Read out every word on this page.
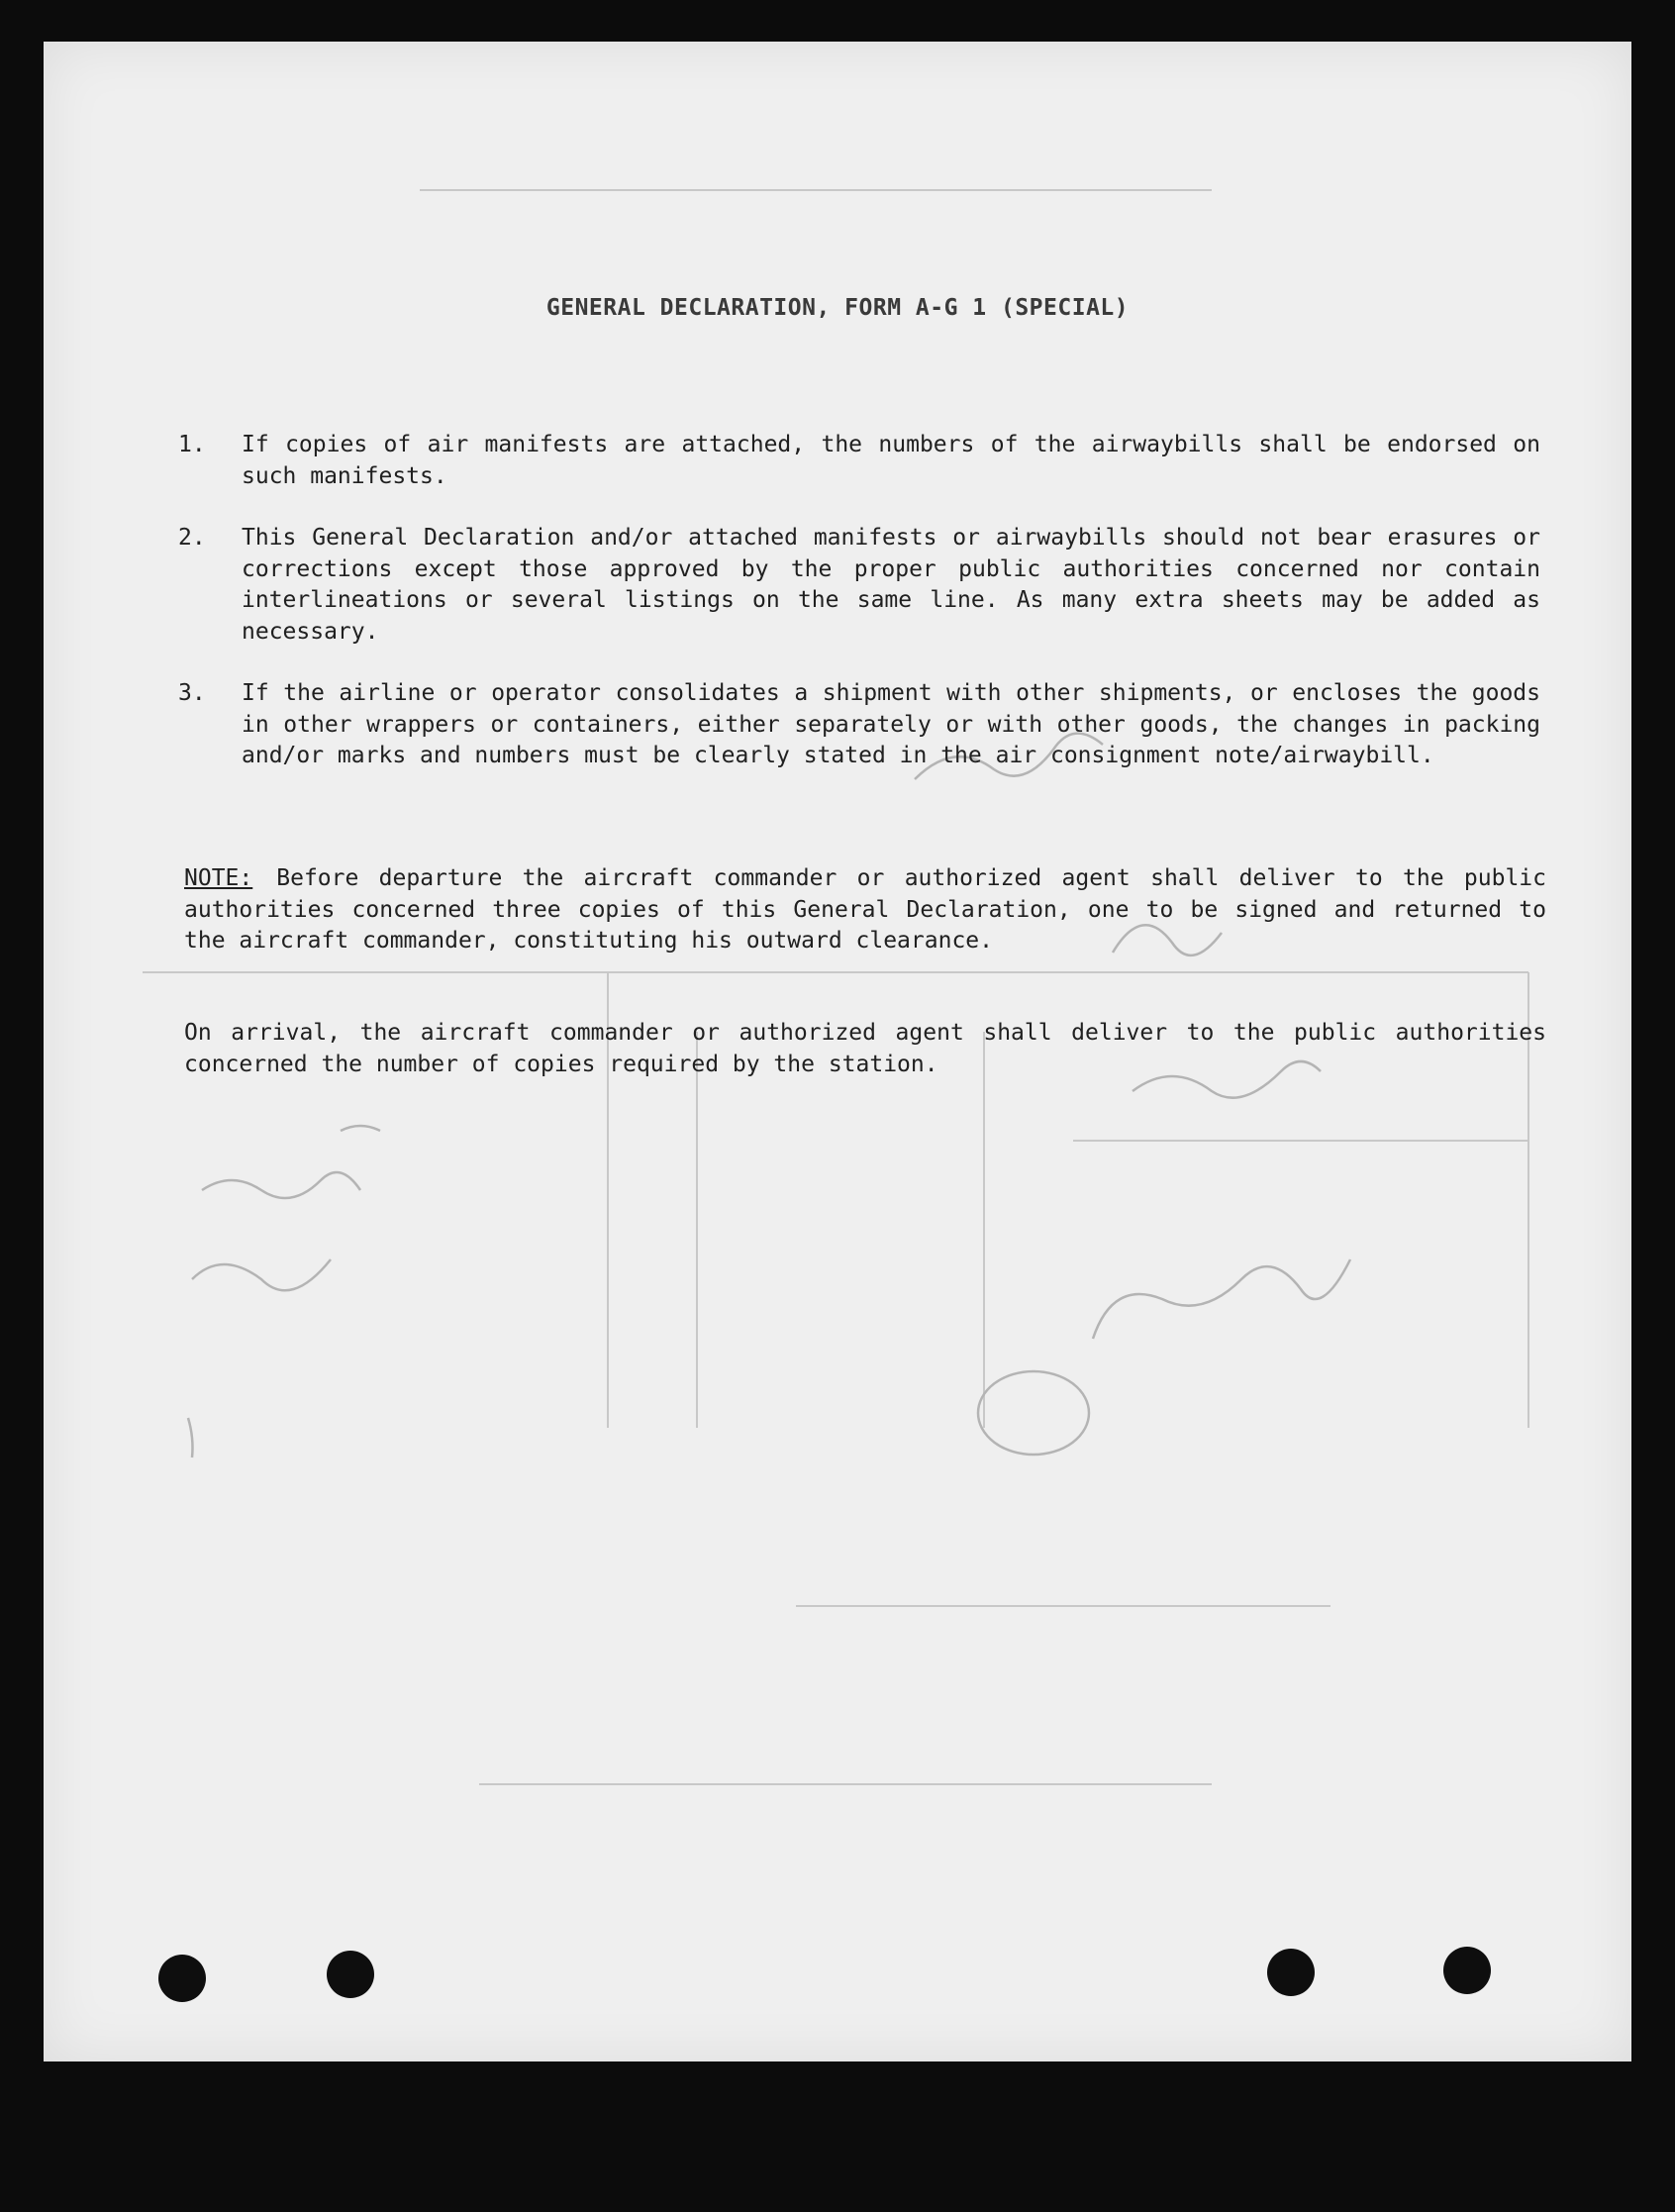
GENERAL DECLARATION, FORM A-G 1 (SPECIAL)
1.	If copies of air manifests are attached, the numbers of the airwaybills shall be endorsed on such manifests.
2.	This General Declaration and/or attached manifests or airwaybills should not bear erasures or corrections except those approved by the proper public authorities concerned nor contain interlineations or several listings on the same line. As many extra sheets may be added as necessary.
3.	If the airline or operator consolidates a shipment with other shipments, or encloses the goods in other wrappers or containers, either separately or with other goods, the changes in packing and/or marks and numbers must be clearly stated in the air consignment note/airwaybill.

NOTE: Before departure the aircraft commander or authorized agent shall deliver to the public authorities concerned three copies of this General Declaration, one to be signed and returned to the aircraft commander, constituting his outward clearance.

On arrival, the aircraft commander or authorized agent shall deliver to the public authorities concerned the number of copies required by the station.
